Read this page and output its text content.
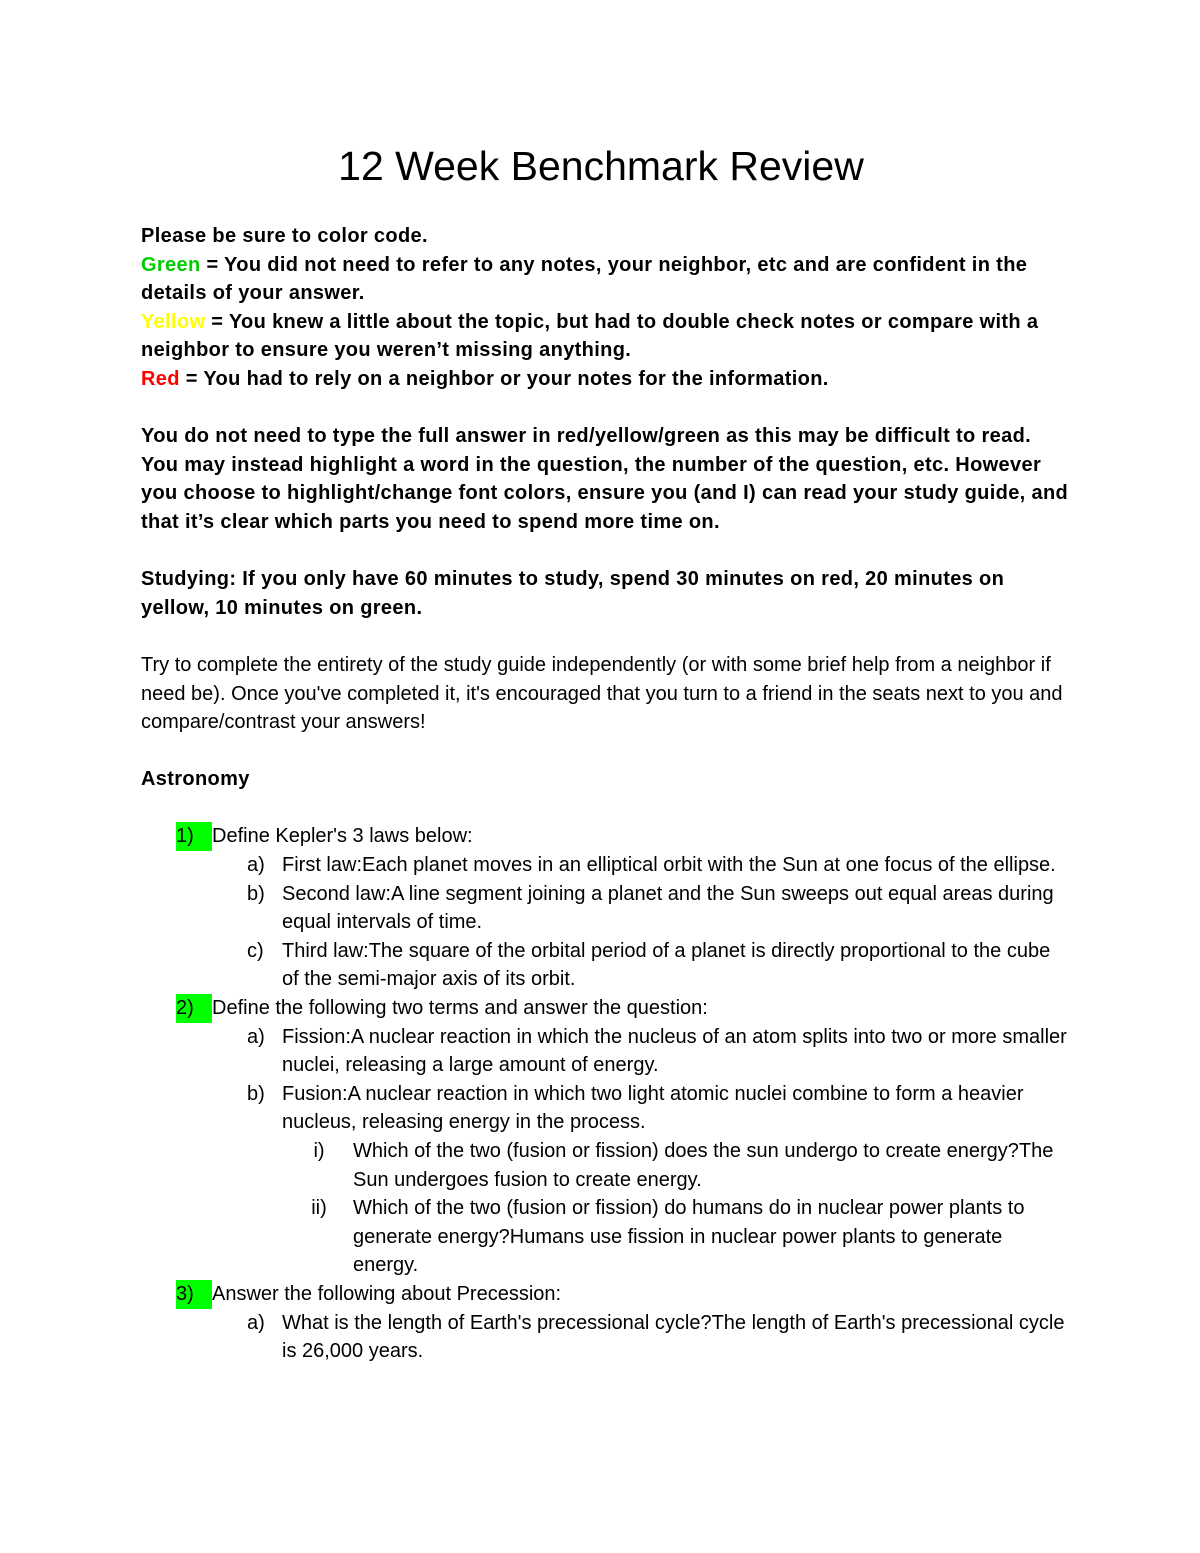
12 Week Benchmark Review

Please be sure to color code.

Green = You did not need to refer to any notes, your neighbor, etc and are confident in the details of your answer.

Yellow = You knew a little about the topic, but had to double check notes or compare with a neighbor to ensure you weren’t missing anything.

Red = You had to rely on a neighbor or your notes for the information.

You do not need to type the full answer in red/yellow/green as this may be difficult to read. You may instead highlight a word in the question, the number of the question, etc. However you choose to highlight/change font colors, ensure you (and I) can read your study guide, and that it’s clear which parts you need to spend more time on.

Studying: If you only have 60 minutes to study, spend 30 minutes on red, 20 minutes on yellow, 10 minutes on green.

Try to complete the entirety of the study guide independently (or with some brief help from a neighbor if need be). Once you've completed it, it's encouraged that you turn to a friend in the seats next to you and compare/contrast your answers!

Astronomy

1) Define Kepler's 3 laws below:
a) First law:Each planet moves in an elliptical orbit with the Sun at one focus of the ellipse.
b) Second law:A line segment joining a planet and the Sun sweeps out equal areas during equal intervals of time.
c) Third law:The square of the orbital period of a planet is directly proportional to the cube of the semi-major axis of its orbit.
2) Define the following two terms and answer the question:
a) Fission:A nuclear reaction in which the nucleus of an atom splits into two or more smaller nuclei, releasing a large amount of energy.
b) Fusion:A nuclear reaction in which two light atomic nuclei combine to form a heavier nucleus, releasing energy in the process.
i)	Which of the two (fusion or fission) does the sun undergo to create energy?The Sun undergoes fusion to create energy.
ii)	Which of the two (fusion or fission) do humans do in nuclear power plants to generate energy?Humans use fission in nuclear power plants to generate energy.
3) Answer the following about Precession:
a) What is the length of Earth's precessional cycle?The length of Earth's precessional cycle is 26,000 years.
